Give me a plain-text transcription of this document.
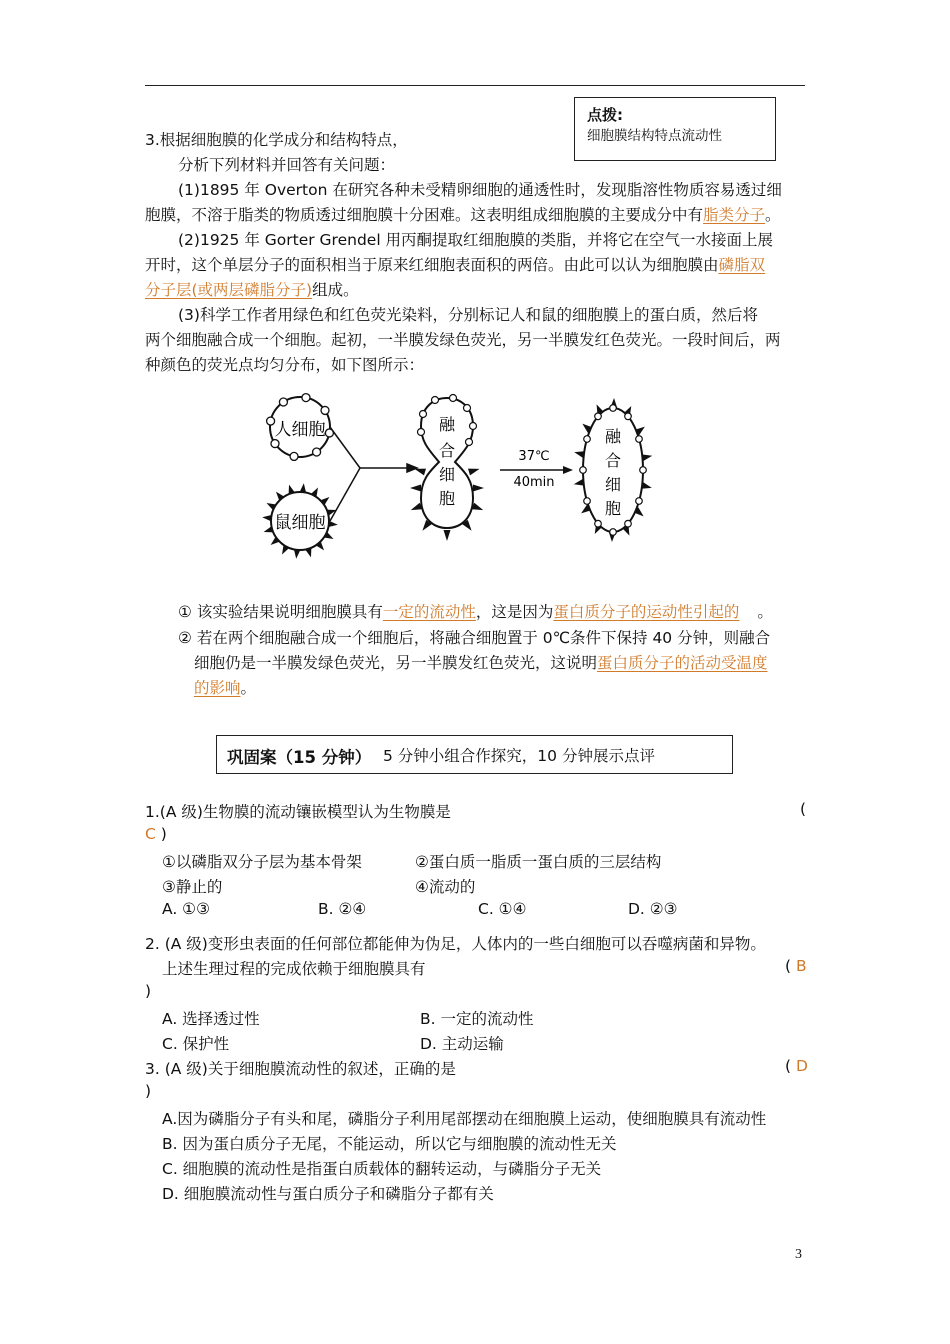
点拨:
细胞膜结构特点流动性
3.根据细胞膜的化学成分和结构特点，
分析下列材料并回答有关问题：
(1)1895 年 Overton 在研究各种未受精卵细胞的通透性时，发现脂溶性物质容易透过细
胞膜，不溶于脂类的物质透过细胞膜十分困难。这表明组成细胞膜的主要成分中有脂类分子。
(2)1925 年 Gorter Grendel 用丙酮提取红细胞膜的类脂，并将它在空气一水接面上展
开时，这个单层分子的面积相当于原来红细胞表面积的两倍。由此可以认为细胞膜由磷脂双
分子层(或两层磷脂分子)组成。
(3)科学工作者用绿色和红色荧光染料，分别标记人和鼠的细胞膜上的蛋白质，然后将
两个细胞融合成一个细胞。起初，一半膜发绿色荧光，另一半膜发红色荧光。一段时间后，两
种颜色的荧光点均匀分布，如下图所示：
人细胞
鼠细胞
融
合
细
胞
37℃
40min
融
合
细
胞
① 该实验结果说明细胞膜具有一定的流动性，这是因为蛋白质分子的运动性引起的 。
② 若在两个细胞融合成一个细胞后，将融合细胞置于 0℃条件下保持 40 分钟，则融合
细胞仍是一半膜发绿色荧光，另一半膜发红色荧光，这说明蛋白质分子的活动受温度
的影响。
巩固案（15 分钟） 5 分钟小组合作探究，10 分钟展示点评
1.(A 级)生物膜的流动镶嵌模型认为生物膜是	(
C )
①以磷脂双分子层为基本骨架	②蛋白质一脂质一蛋白质的三层结构
③静止的	④流动的
A. ①③	B. ②④	C. ①④	D. ②③
2. (A 级)变形虫表面的任何部位都能伸为伪足，人体内的一些白细胞可以吞噬病菌和异物。
上述生理过程的完成依赖于细胞膜具有	( B
)
A. 选择透过性	B. 一定的流动性
C. 保护性	D. 主动运输
3. (A 级)关于细胞膜流动性的叙述，正确的是	( D
)
A.因为磷脂分子有头和尾，磷脂分子利用尾部摆动在细胞膜上运动，使细胞膜具有流动性
B. 因为蛋白质分子无尾，不能运动，所以它与细胞膜的流动性无关
C. 细胞膜的流动性是指蛋白质载体的翻转运动，与磷脂分子无关
D. 细胞膜流动性与蛋白质分子和磷脂分子都有关
3
